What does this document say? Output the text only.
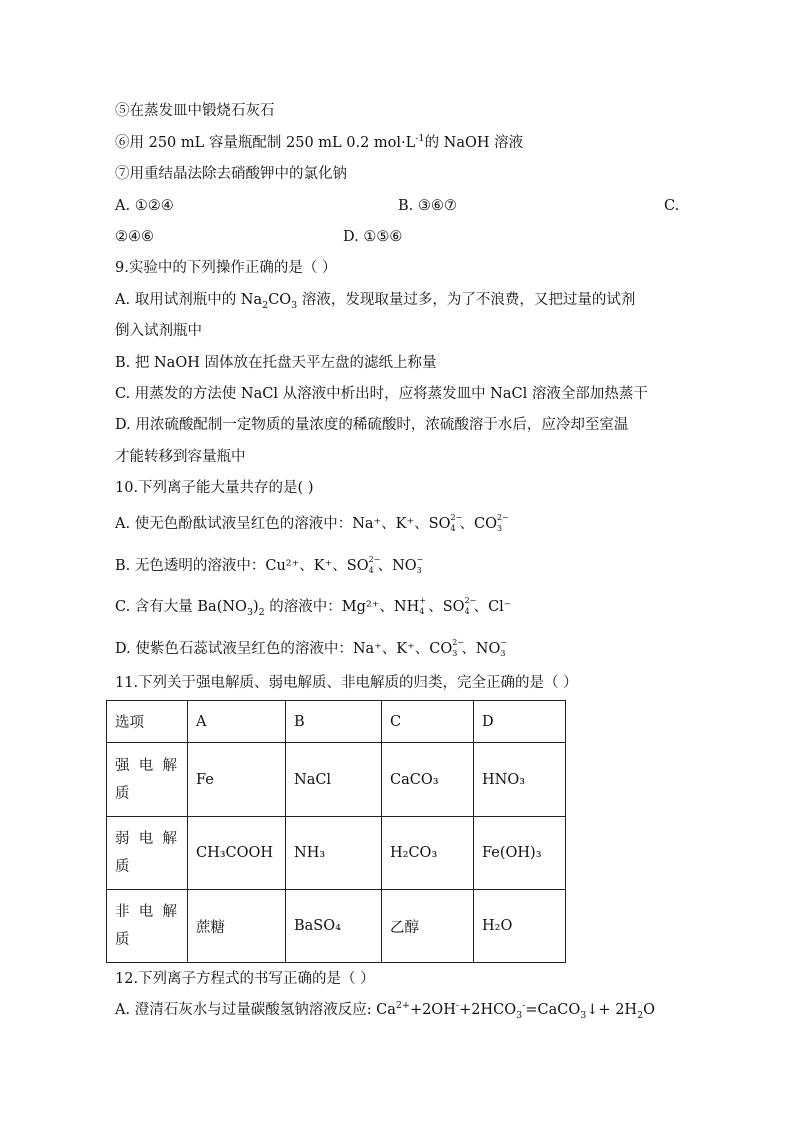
⑤在蒸发皿中锻烧石灰石
⑥用 250 mL 容量瓶配制 250 mL 0.2 $mol\cdot L^{-1}$的 NaOH 溶液
⑦用重结晶法除去硝酸钾中的氯化钠
A. ①②④	B. ③⑥⑦	C.
②④⑥	D. ①⑤⑥
9.实验中的下列操作正确的是（ ）
A. 取用试剂瓶中的 $Na_2CO_3$ 溶液，发现取量过多，为了不浪费，又把过量的试剂
倒入试剂瓶中
B. 把 NaOH 固体放在托盘天平左盘的滤纸上称量
C. 用蒸发的方法使 NaCl 从溶液中析出时，应将蒸发皿中 NaCl 溶液全部加热蒸干
D. 用浓硫酸配制一定物质的量浓度的稀硫酸时，浓硫酸溶于水后，应冷却至室温
才能转移到容量瓶中
10.下列离子能大量共存的是( )
A. 使无色酚酞试液呈红色的溶液中：Na⁺、K⁺、SO 2−
4 、CO 2−
3
B. 无色透明的溶液中：Cu²⁺、K⁺、SO 2−
4 、NO −
3
C. 含有大量 $Ba(NO_3)_2$ 的溶液中：Mg²⁺、NH +
4 、SO 2−
4 、Cl⁻
D. 使紫色石蕊试液呈红色的溶液中：Na⁺、K⁺、CO 2−
3 、NO −
3
11.下列关于强电解质、弱电解质、非电解质的归类，完全正确的是（ ）
选项	A	B	C	D

强 电 解
质	Fe	NaCl	CaCO₃	HNO₃

弱 电 解
质	CH₃COOH	NH₃	H₂CO₃	Fe(OH)₃

非 电 解
质	蔗糖	BaSO₄	乙醇	H₂O
12.下列离子方程式的书写正确的是（ ）
A. 澄清石灰水与过量碳酸氢钠溶液反应: $Ca^{2+}+2OH^-+2HCO_3^-=CaCO_3↓+ 2H_2O$
